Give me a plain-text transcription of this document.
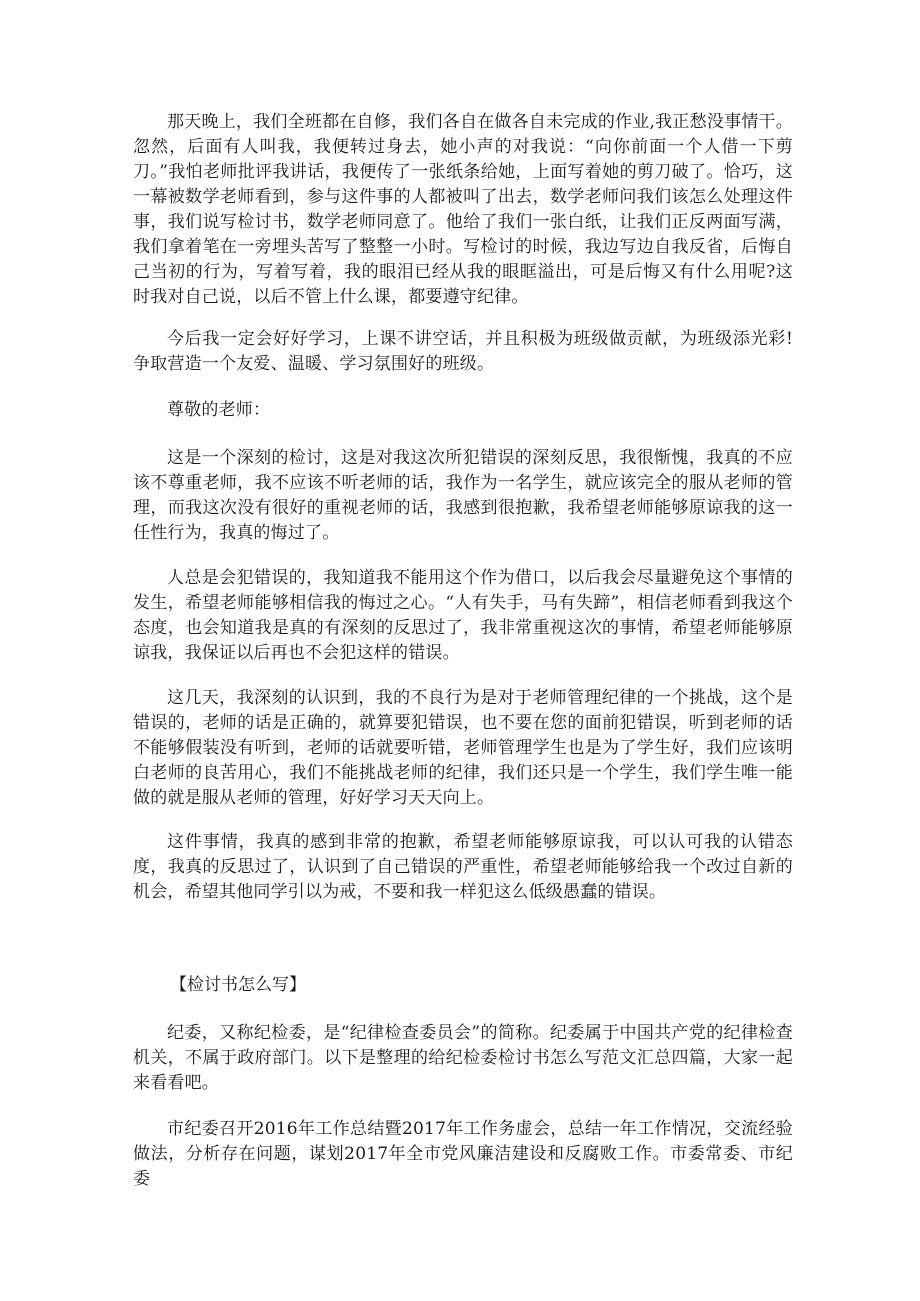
那天晚上，我们全班都在自修，我们各自在做各自未完成的作业,我正愁没事情干。忽然，后面有人叫我，我便转过身去，她小声的对我说：“向你前面一个人借一下剪刀。”我怕老师批评我讲话，我便传了一张纸条给她，上面写着她的剪刀破了。恰巧，这一幕被数学老师看到，参与这件事的人都被叫了出去，数学老师问我们该怎么处理这件事，我们说写检讨书，数学老师同意了。他给了我们一张白纸，让我们正反两面写满，我们拿着笔在一旁埋头苦写了整整一小时。写检讨的时候，我边写边自我反省，后悔自己当初的行为，写着写着，我的眼泪已经从我的眼眶溢出，可是后悔又有什么用呢?这时我对自己说，以后不管上什么课，都要遵守纪律。

今后我一定会好好学习，上课不讲空话，并且积极为班级做贡献，为班级添光彩!争取营造一个友爱、温暖、学习氛围好的班级。

尊敬的老师：

这是一个深刻的检讨，这是对我这次所犯错误的深刻反思，我很惭愧，我真的不应该不尊重老师，我不应该不听老师的话，我作为一名学生，就应该完全的服从老师的管理，而我这次没有很好的重视老师的话，我感到很抱歉，我希望老师能够原谅我的这一任性行为，我真的悔过了。

人总是会犯错误的，我知道我不能用这个作为借口，以后我会尽量避免这个事情的发生，希望老师能够相信我的悔过之心。“人有失手，马有失蹄”，相信老师看到我这个态度，也会知道我是真的有深刻的反思过了，我非常重视这次的事情，希望老师能够原谅我，我保证以后再也不会犯这样的错误。

这几天，我深刻的认识到，我的不良行为是对于老师管理纪律的一个挑战，这个是错误的，老师的话是正确的，就算要犯错误，也不要在您的面前犯错误，听到老师的话不能够假装没有听到，老师的话就要听错，老师管理学生也是为了学生好，我们应该明白老师的良苦用心，我们不能挑战老师的纪律，我们还只是一个学生，我们学生唯一能做的就是服从老师的管理，好好学习天天向上。

这件事情，我真的感到非常的抱歉，希望老师能够原谅我，可以认可我的认错态度，我真的反思过了，认识到了自己错误的严重性，希望老师能够给我一个改过自新的机会，希望其他同学引以为戒，不要和我一样犯这么低级愚蠢的错误。

【检讨书怎么写】

纪委，又称纪检委，是“纪律检查委员会”的简称。纪委属于中国共产党的纪律检查机关，不属于政府部门。以下是整理的给纪检委检讨书怎么写范文汇总四篇，大家一起来看看吧。

市纪委召开2016年工作总结暨2017年工作务虚会，总结一年工作情况，交流经验做法，分析存在问题，谋划2017年全市党风廉洁建设和反腐败工作。市委常委、市纪委
